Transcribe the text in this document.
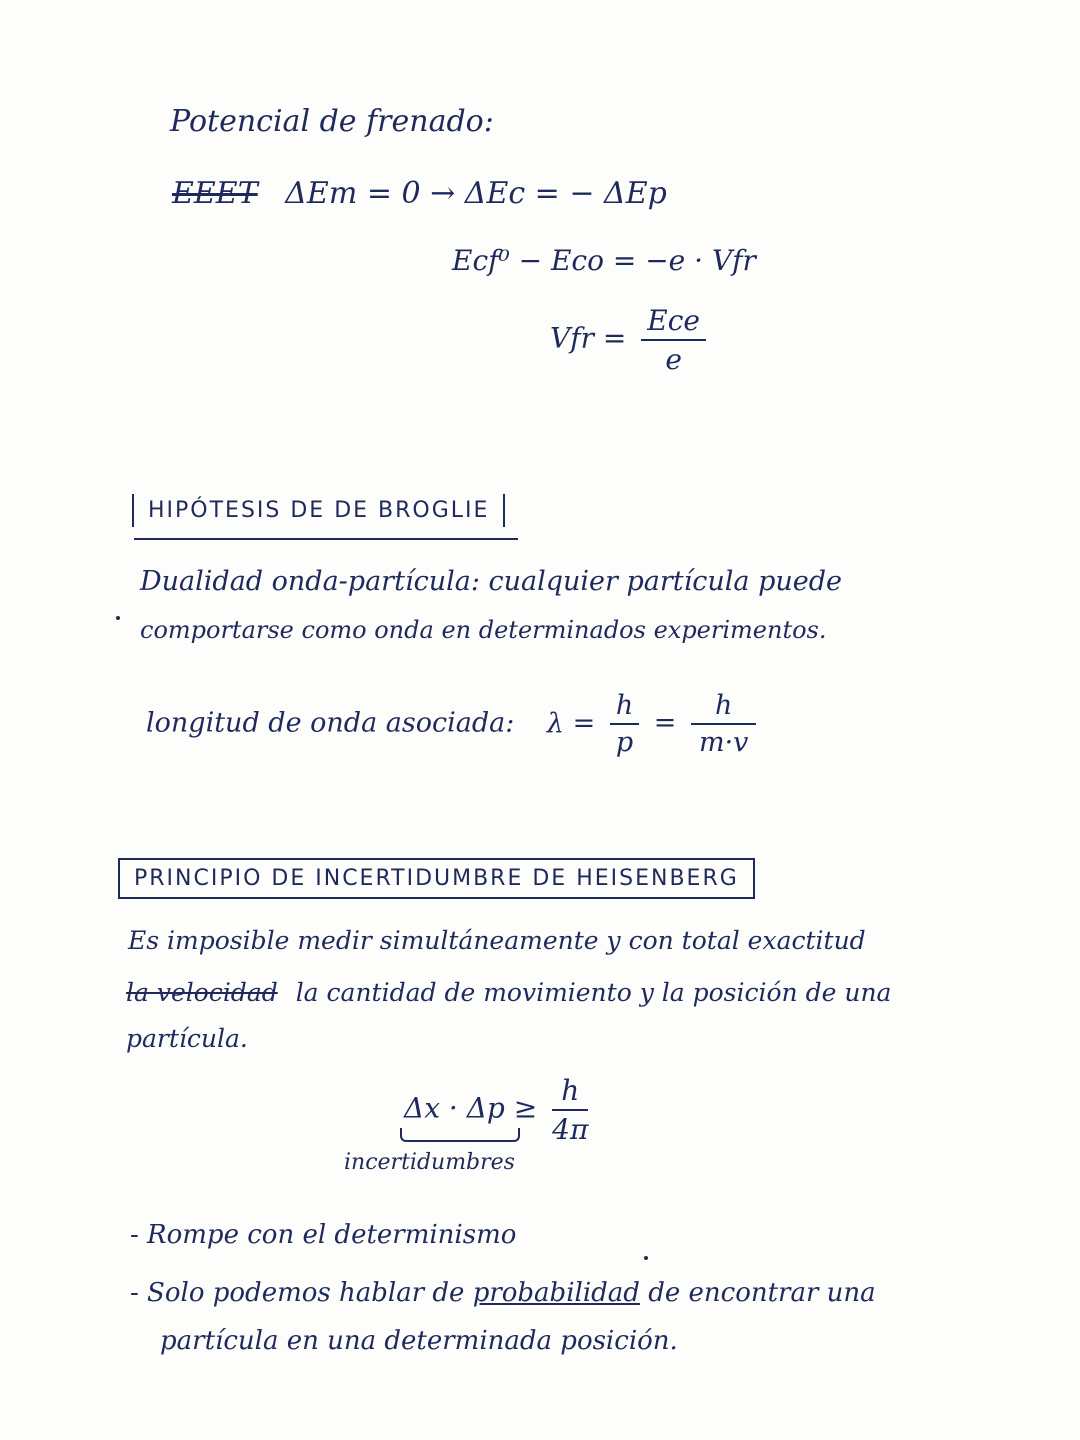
Potencial de frenado:
EEET ΔEm = 0 → ΔEc = − ΔEp
Ecf⁰ − Eco = −e · Vfr
Vfr = $\frac{\text{Ece}}{e}$
HIPÓTESIS DE DE BROGLIE
Dualidad onda-partícula: cualquier partícula puede
comportarse como onda en determinados experimentos.
longitud de onda asociada: $\lambda = \frac{h}{p} = \frac{h}{m\cdot v}$
PRINCIPIO DE INCERTIDUMBRE DE HEISENBERG
Es imposible medir simultáneamente y con total exactitud
la velocidad la cantidad de movimiento y la posición de una
partícula.
$\Delta x \cdot \Delta p \ge \frac{h}{4\pi}$
incertidumbres
- Rompe con el determinismo
- Solo podemos hablar de probabilidad de encontrar una
partícula en una determinada posición.
